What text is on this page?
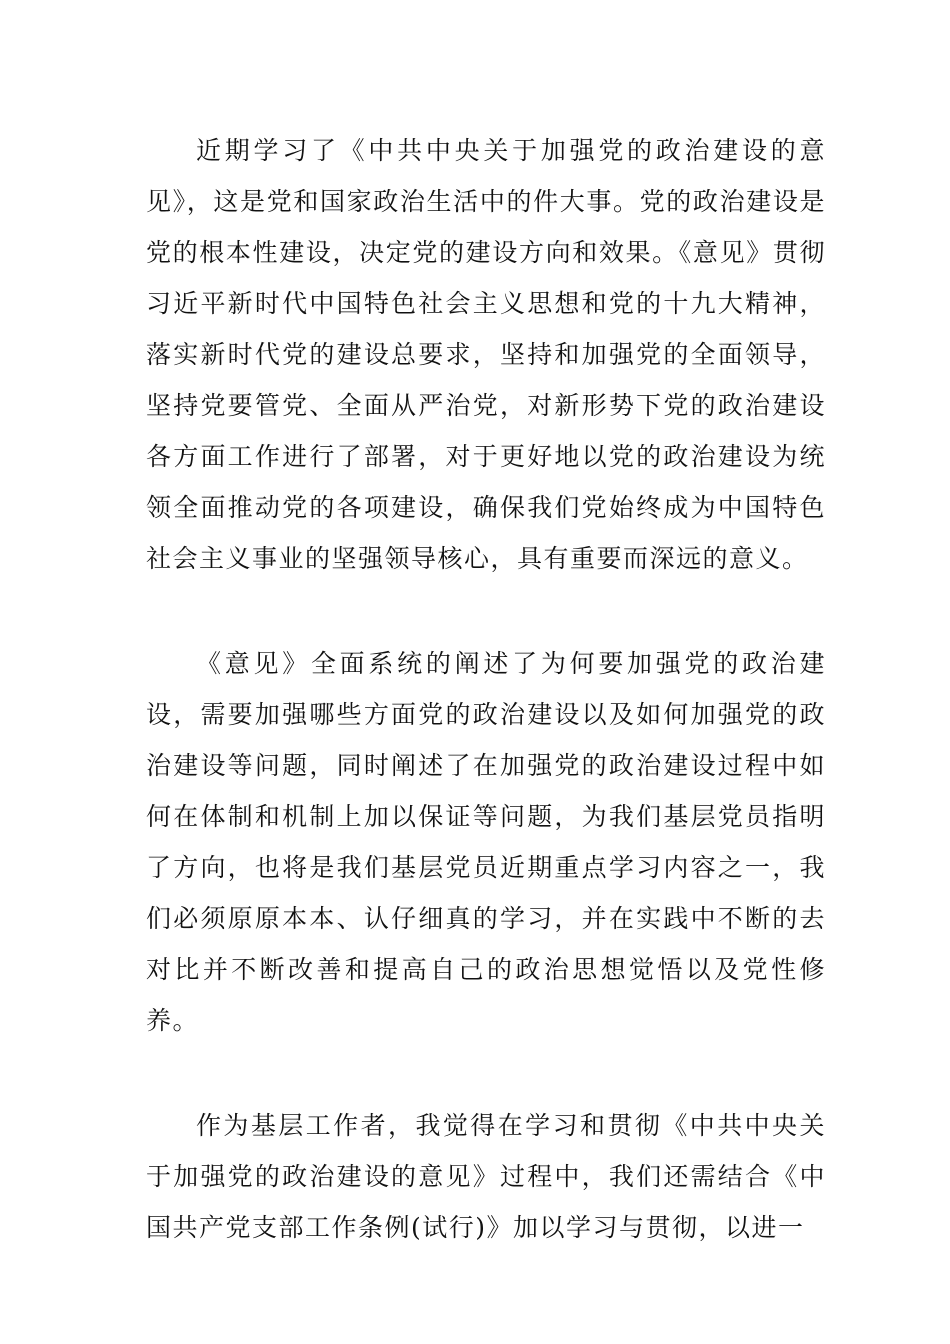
近期学习了《中共中央关于加强党的政治建设的意见》，这是党和国家政治生活中的件大事。党的政治建设是党的根本性建设，决定党的建设方向和效果。《意见》贯彻习近平新时代中国特色社会主义思想和党的十九大精神，落实新时代党的建设总要求，坚持和加强党的全面领导，坚持党要管党、全面从严治党，对新形势下党的政治建设各方面工作进行了部署，对于更好地以党的政治建设为统领全面推动党的各项建设，确保我们党始终成为中国特色社会主义事业的坚强领导核心，具有重要而深远的意义。

《意见》全面系统的阐述了为何要加强党的政治建设，需要加强哪些方面党的政治建设以及如何加强党的政治建设等问题，同时阐述了在加强党的政治建设过程中如何在体制和机制上加以保证等问题，为我们基层党员指明了方向，也将是我们基层党员近期重点学习内容之一，我们必须原原本本、认仔细真的学习，并在实践中不断的去对比并不断改善和提高自己的政治思想觉悟以及党性修养。

作为基层工作者，我觉得在学习和贯彻《中共中央关于加强党的政治建设的意见》过程中，我们还需结合《中国共产党支部工作条例(试行)》加以学习与贯彻，以进一
